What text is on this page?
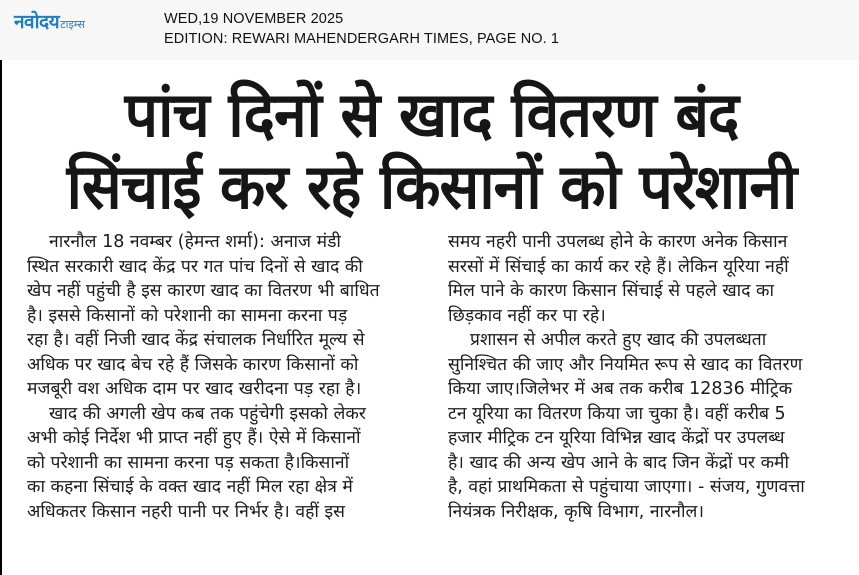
नवोदय टाइम्स	WED,19 NOVEMBER 2025
EDITION: REWARI MAHENDERGARH TIMES, PAGE NO. 1
पांच दिनों से खाद वितरण बंद
सिंचाई कर रहे किसानों को परेशानी

नारनौल 18 नवम्बर (हेमन्त शर्मा): अनाज मंडी
स्थित सरकारी खाद केंद्र पर गत पांच दिनों से खाद की
खेप नहीं पहुंची है इस कारण खाद का वितरण भी बाधित
है। इससे किसानों को परेशानी का सामना करना पड़
रहा है। वहीं निजी खाद केंद्र संचालक निर्धारित मूल्य से
अधिक पर खाद बेच रहे हैं जिसके कारण किसानों को
मजबूरी वश अधिक दाम पर खाद खरीदना पड़ रहा है।

खाद की अगली खेप कब तक पहुंचेगी इसको लेकर
अभी कोई निर्देश भी प्राप्त नहीं हुए हैं। ऐसे में किसानों
को परेशानी का सामना करना पड़ सकता है।किसानों
का कहना सिंचाई के वक्त खाद नहीं मिल रहा क्षेत्र में
अधिकतर किसान नहरी पानी पर निर्भर है। वहीं इस

समय नहरी पानी उपलब्ध होने के कारण अनेक किसान
सरसों में सिंचाई का कार्य कर रहे हैं। लेकिन यूरिया नहीं
मिल पाने के कारण किसान सिंचाई से पहले खाद का
छिड़काव नहीं कर पा रहे।

प्रशासन से अपील करते हुए खाद की उपलब्धता
सुनिश्चित की जाए और नियमित रूप से खाद का वितरण
किया जाए।जिलेभर में अब तक करीब 12836 मीट्रिक
टन यूरिया का वितरण किया जा चुका है। वहीं करीब 5
हजार मीट्रिक टन यूरिया विभिन्न खाद केंद्रों पर उपलब्ध
है। खाद की अन्य खेप आने के बाद जिन केंद्रों पर कमी
है, वहां प्राथमिकता से पहुंचाया जाएगा। - संजय, गुणवत्ता
नियंत्रक निरीक्षक, कृषि विभाग, नारनौल।
